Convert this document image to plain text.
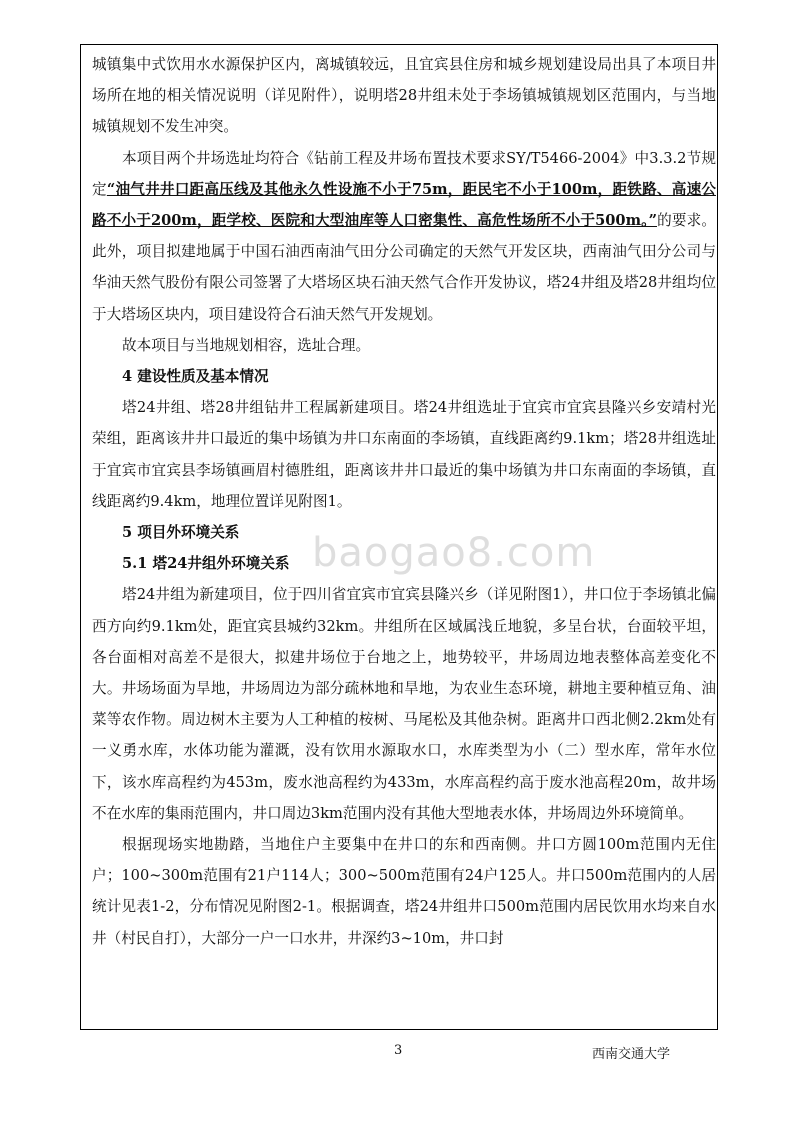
城镇集中式饮用水水源保护区内，离城镇较远，且宜宾县住房和城乡规划建设局出具了本项目井场所在地的相关情况说明（详见附件），说明塔28井组未处于李场镇城镇规划区范围内，与当地城镇规划不发生冲突。

本项目两个井场选址均符合《钻前工程及井场布置技术要求SY/T5466-2004》中3.3.2节规定“油气井井口距高压线及其他永久性设施不小于75m，距民宅不小于100m，距铁路、高速公路不小于200m，距学校、医院和大型油库等人口密集性、高危性场所不小于500m。”的要求。此外，项目拟建地属于中国石油西南油气田分公司确定的天然气开发区块，西南油气田分公司与华油天然气股份有限公司签署了大塔场区块石油天然气合作开发协议，塔24井组及塔28井组均位于大塔场区块内，项目建设符合石油天然气开发规划。

故本项目与当地规划相容，选址合理。

4 建设性质及基本情况

塔24井组、塔28井组钻井工程属新建项目。塔24井组选址于宜宾市宜宾县隆兴乡安靖村光荣组，距离该井井口最近的集中场镇为井口东南面的李场镇，直线距离约9.1km；塔28井组选址于宜宾市宜宾县李场镇画眉村德胜组，距离该井井口最近的集中场镇为井口东南面的李场镇，直线距离约9.4km，地理位置详见附图1。

5 项目外环境关系

5.1 塔24井组外环境关系

塔24井组为新建项目，位于四川省宜宾市宜宾县隆兴乡（详见附图1），井口位于李场镇北偏西方向约9.1km处，距宜宾县城约32km。井组所在区域属浅丘地貌，多呈台状，台面较平坦，各台面相对高差不是很大，拟建井场位于台地之上，地势较平，井场周边地表整体高差变化不大。井场场面为旱地，井场周边为部分疏林地和旱地，为农业生态环境，耕地主要种植豆角、油菜等农作物。周边树木主要为人工种植的桉树、马尾松及其他杂树。距离井口西北侧2.2km处有一义勇水库，水体功能为灌溉，没有饮用水源取水口，水库类型为小（二）型水库，常年水位下，该水库高程约为453m，废水池高程约为433m，水库高程约高于废水池高程20m，故井场不在水库的集雨范围内，井口周边3km范围内没有其他大型地表水体，井场周边外环境简单。

根据现场实地勘踏，当地住户主要集中在井口的东和西南侧。井口方圆100m范围内无住户；100~300m范围有21户114人；300~500m范围有24户125人。井口500m范围内的人居统计见表1-2，分布情况见附图2-1。根据调查，塔24井组井口500m范围内居民饮用水均来自水井（村民自打），大部分一户一口水井，井深约3~10m，井口封

baogao8.com
3	西南交通大学
